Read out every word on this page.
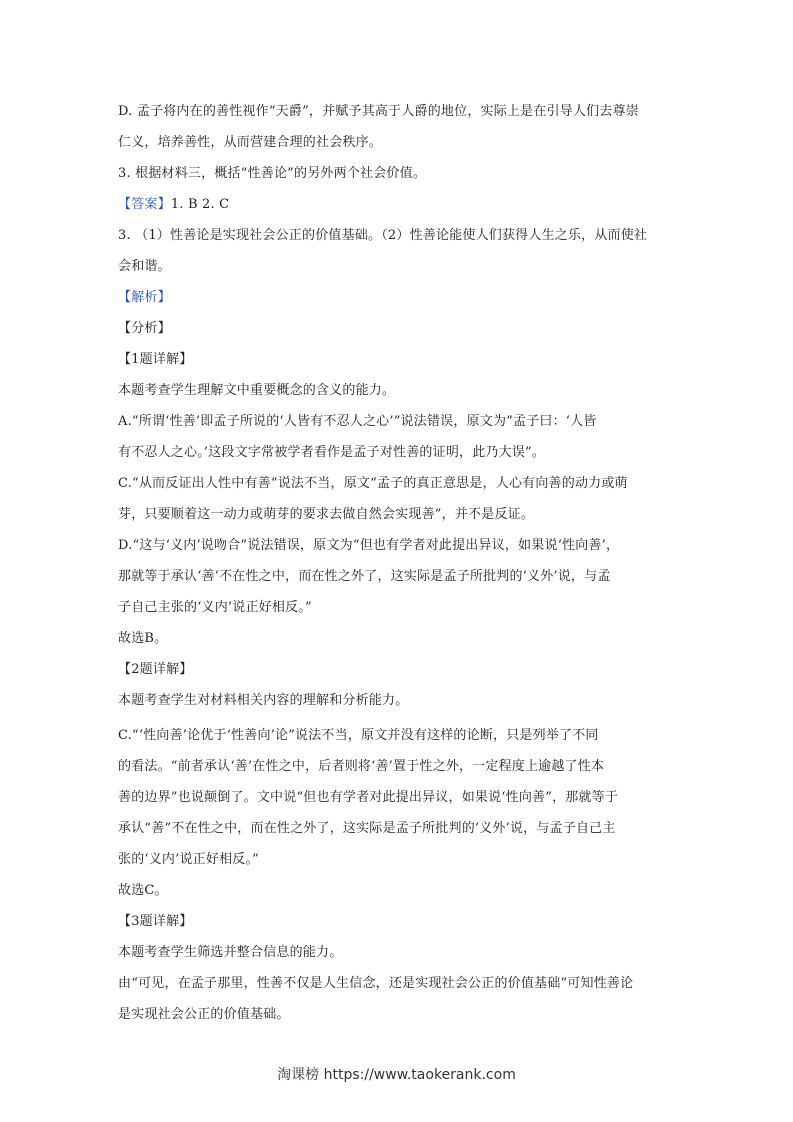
D. 孟子将内在的善性视作“天爵”，并赋予其高于人爵的地位，实际上是在引导人们去尊崇
仁义，培养善性，从而营建合理的社会秩序。
3. 根据材料三，概括“性善论”的另外两个社会价值。
【答案】1. B 2. C
3. （1）性善论是实现社会公正的价值基础。（2）性善论能使人们获得人生之乐，从而使社
会和谐。
【解析】
【分析】
【1题详解】
本题考查学生理解文中重要概念的含义的能力。
A.“所谓‘性善’即孟子所说的‘人皆有不忍人之心’”说法错误，原文为“孟子曰：‘人皆
有不忍人之心。’这段文字常被学者看作是孟子对性善的证明，此乃大误”。
C.“从而反证出人性中有善”说法不当，原文“孟子的真正意思是，人心有向善的动力或萌
芽，只要顺着这一动力或萌芽的要求去做自然会实现善”，并不是反证。
D.“这与‘义内’说吻合”说法错误，原文为“但也有学者对此提出异议，如果说‘性向善’，
那就等于承认‘善’不在性之中，而在性之外了，这实际是孟子所批判的‘义外’说，与孟
子自己主张的‘义内’说正好相反。”
故选B。
【2题详解】
本题考查学生对材料相关内容的理解和分析能力。
C.“‘性向善’论优于‘性善向’论”说法不当，原文并没有这样的论断，只是列举了不同
的看法。“前者承认‘善’在性之中，后者则将‘善’置于性之外，一定程度上逾越了性本
善的边界”也说颠倒了。文中说“但也有学者对此提出异议，如果说‘性向善”，那就等于
承认“善”不在性之中，而在性之外了，这实际是孟子所批判的‘义外’说，与孟子自己主
张的‘义内’说正好相反。”
故选C。
【3题详解】
本题考查学生筛选并整合信息的能力。
由“可见，在孟子那里，性善不仅是人生信念，还是实现社会公正的价值基础”可知性善论
是实现社会公正的价值基础。
淘课榜 https://www.taokerank.com
